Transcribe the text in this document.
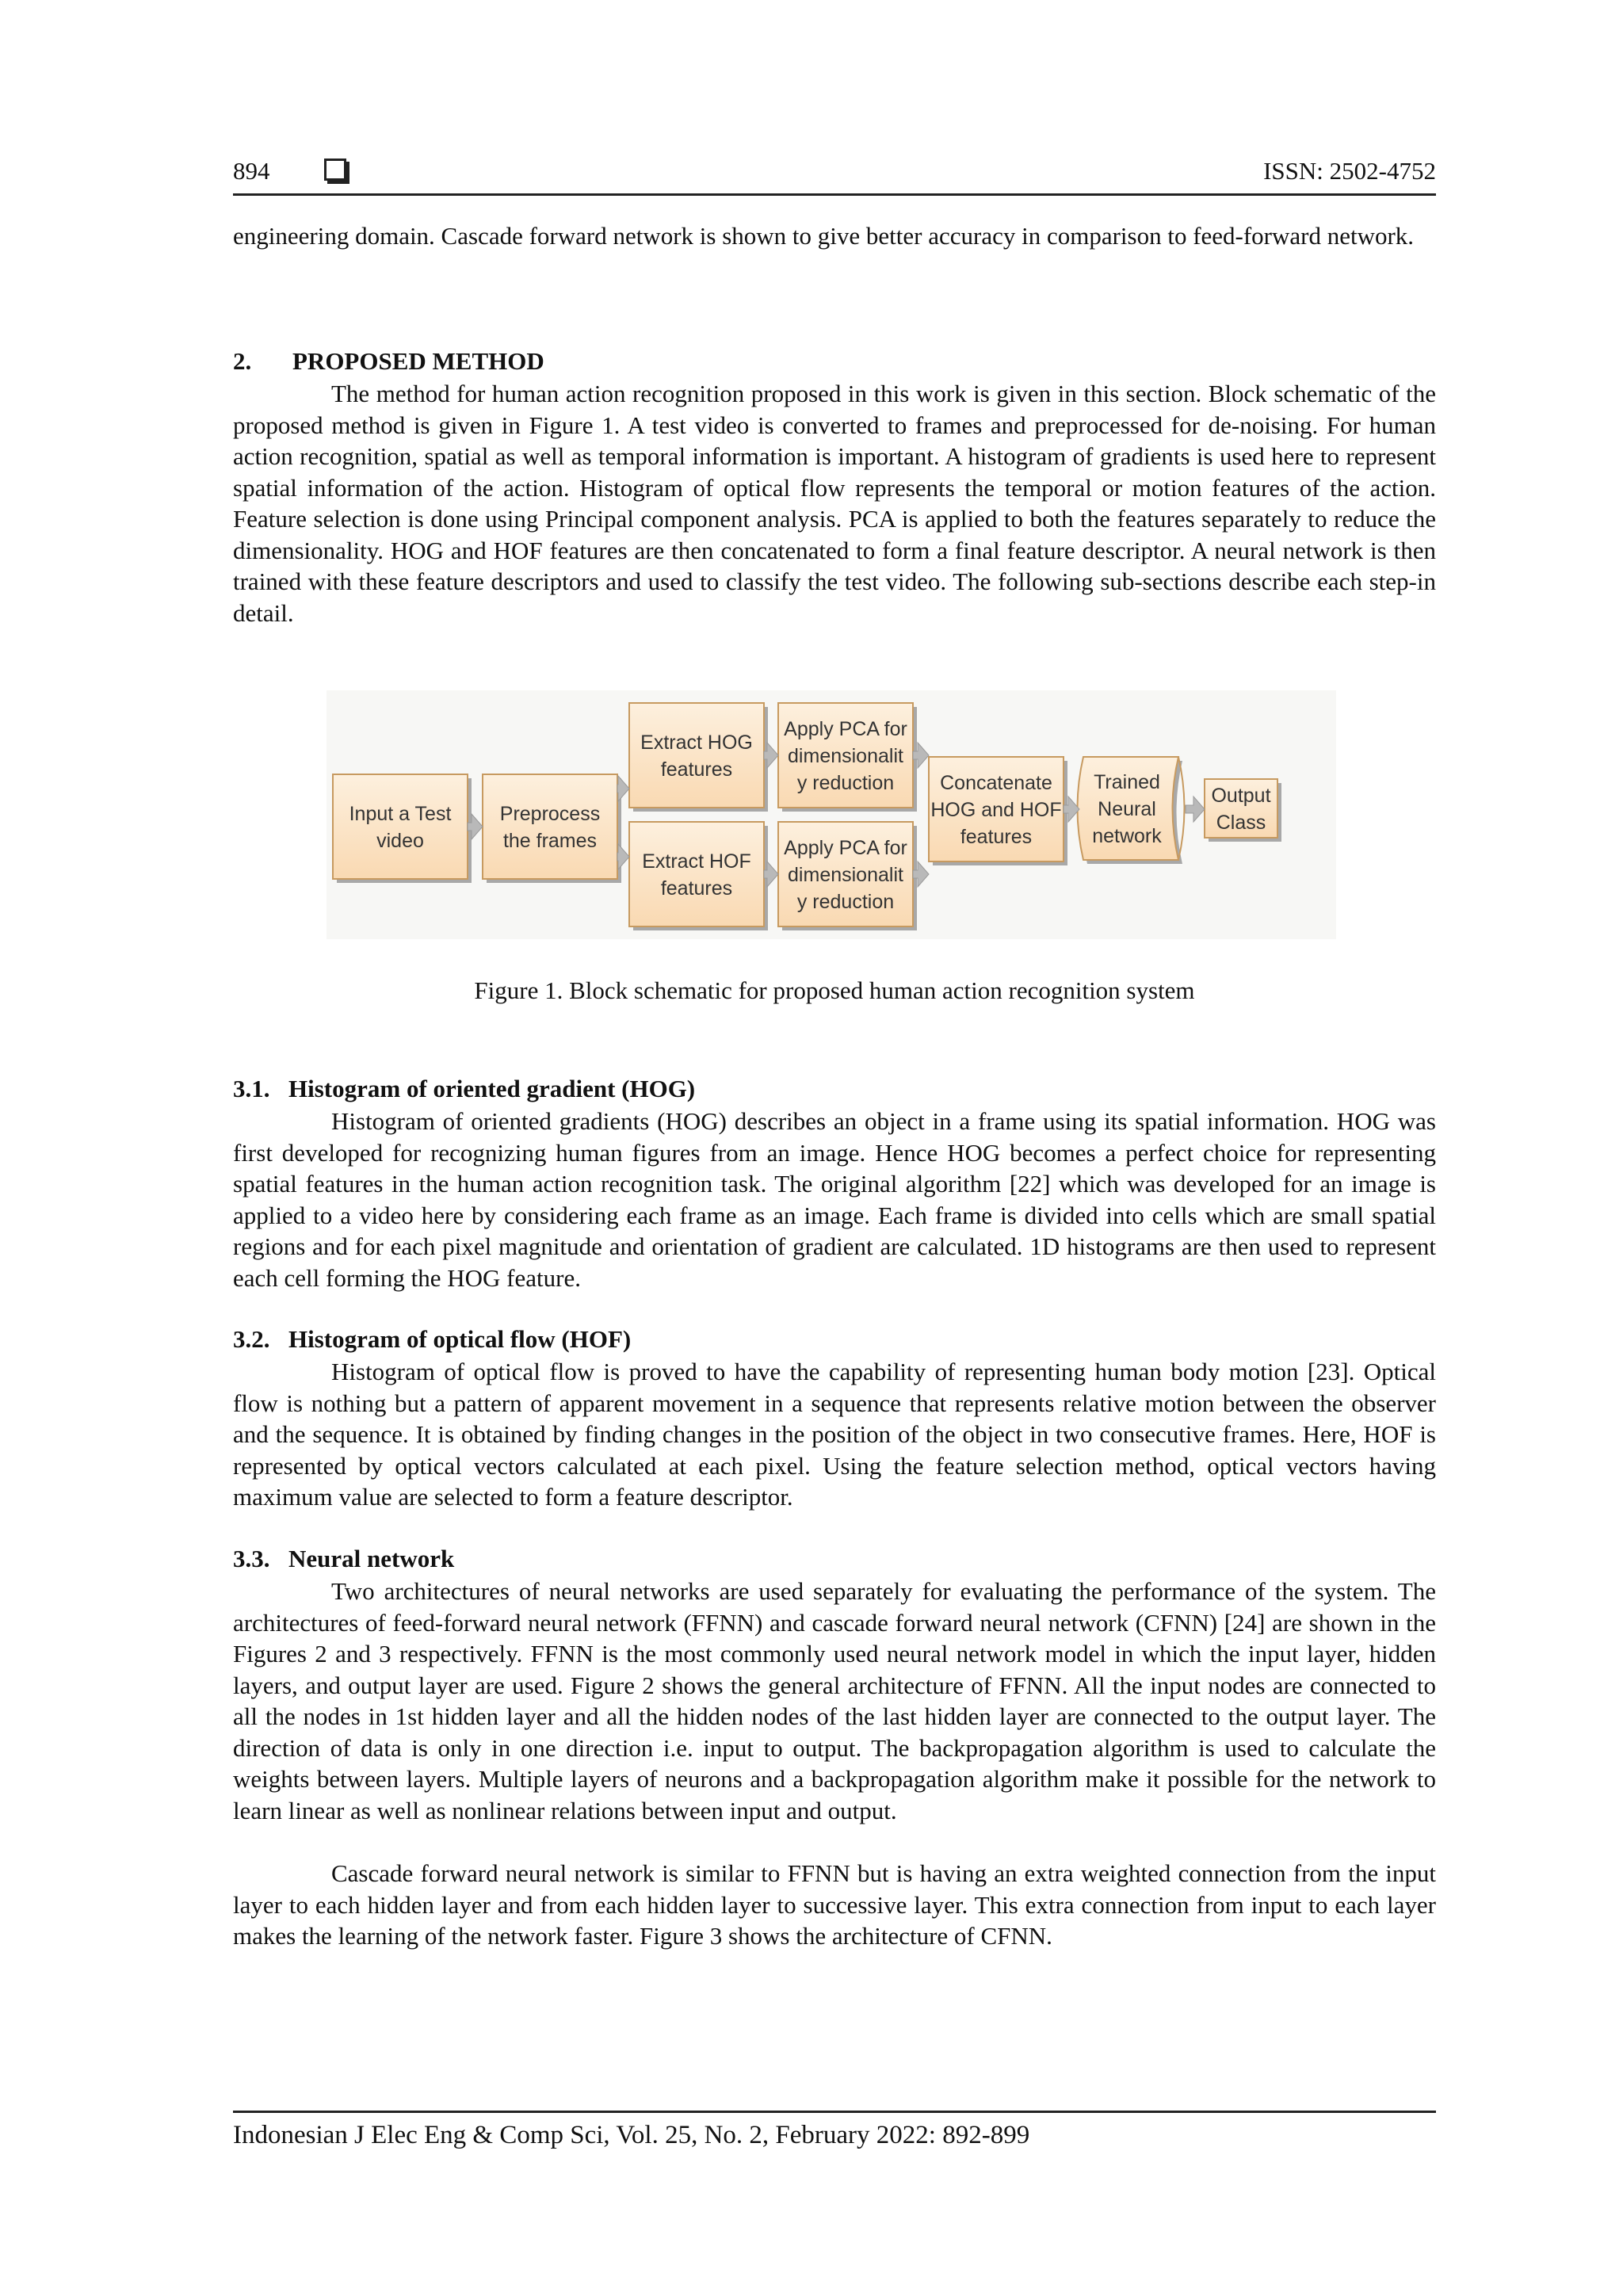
894	ISSN: 2502-4752

engineering domain. Cascade forward network is shown to give better accuracy in comparison to feed-forward network.

2. PROPOSED METHOD

The method for human action recognition proposed in this work is given in this section. Block schematic of the proposed method is given in Figure 1. A test video is converted to frames and preprocessed for de-noising. For human action recognition, spatial as well as temporal information is important. A histogram of gradients is used here to represent spatial information of the action. Histogram of optical flow represents the temporal or motion features of the action. Feature selection is done using Principal component analysis. PCA is applied to both the features separately to reduce the dimensionality. HOG and HOF features are then concatenated to form a final feature descriptor. A neural network is then trained with these feature descriptors and used to classify the test video. The following sub-sections describe each step-in detail.

Input a Test
video
Preprocess
the frames
Extract HOG
features
Extract HOF
features
Apply PCA for
dimensionalit
y reduction
Apply PCA for
dimensionalit
y reduction
Concatenate
HOG and HOF
features
Trained
Neural
network
Output
Class
Figure 1. Block schematic for proposed human action recognition system
3.1. Histogram of oriented gradient (HOG)

Histogram of oriented gradients (HOG) describes an object in a frame using its spatial information. HOG was first developed for recognizing human figures from an image. Hence HOG becomes a perfect choice for representing spatial features in the human action recognition task. The original algorithm [22] which was developed for an image is applied to a video here by considering each frame as an image. Each frame is divided into cells which are small spatial regions and for each pixel magnitude and orientation of gradient are calculated. 1D histograms are then used to represent each cell forming the HOG feature.

3.2. Histogram of optical flow (HOF)

Histogram of optical flow is proved to have the capability of representing human body motion [23]. Optical flow is nothing but a pattern of apparent movement in a sequence that represents relative motion between the observer and the sequence. It is obtained by finding changes in the position of the object in two consecutive frames. Here, HOF is represented by optical vectors calculated at each pixel. Using the feature selection method, optical vectors having maximum value are selected to form a feature descriptor.

3.3. Neural network

Two architectures of neural networks are used separately for evaluating the performance of the system. The architectures of feed-forward neural network (FFNN) and cascade forward neural network (CFNN) [24] are shown in the Figures 2 and 3 respectively. FFNN is the most commonly used neural network model in which the input layer, hidden layers, and output layer are used. Figure 2 shows the general architecture of FFNN. All the input nodes are connected to all the nodes in 1st hidden layer and all the hidden nodes of the last hidden layer are connected to the output layer. The direction of data is only in one direction i.e. input to output. The backpropagation algorithm is used to calculate the weights between layers. Multiple layers of neurons and a backpropagation algorithm make it possible for the network to learn linear as well as nonlinear relations between input and output.

Cascade forward neural network is similar to FFNN but is having an extra weighted connection from the input layer to each hidden layer and from each hidden layer to successive layer. This extra connection from input to each layer makes the learning of the network faster. Figure 3 shows the architecture of CFNN.

Indonesian J Elec Eng & Comp Sci, Vol. 25, No. 2, February 2022: 892-899
